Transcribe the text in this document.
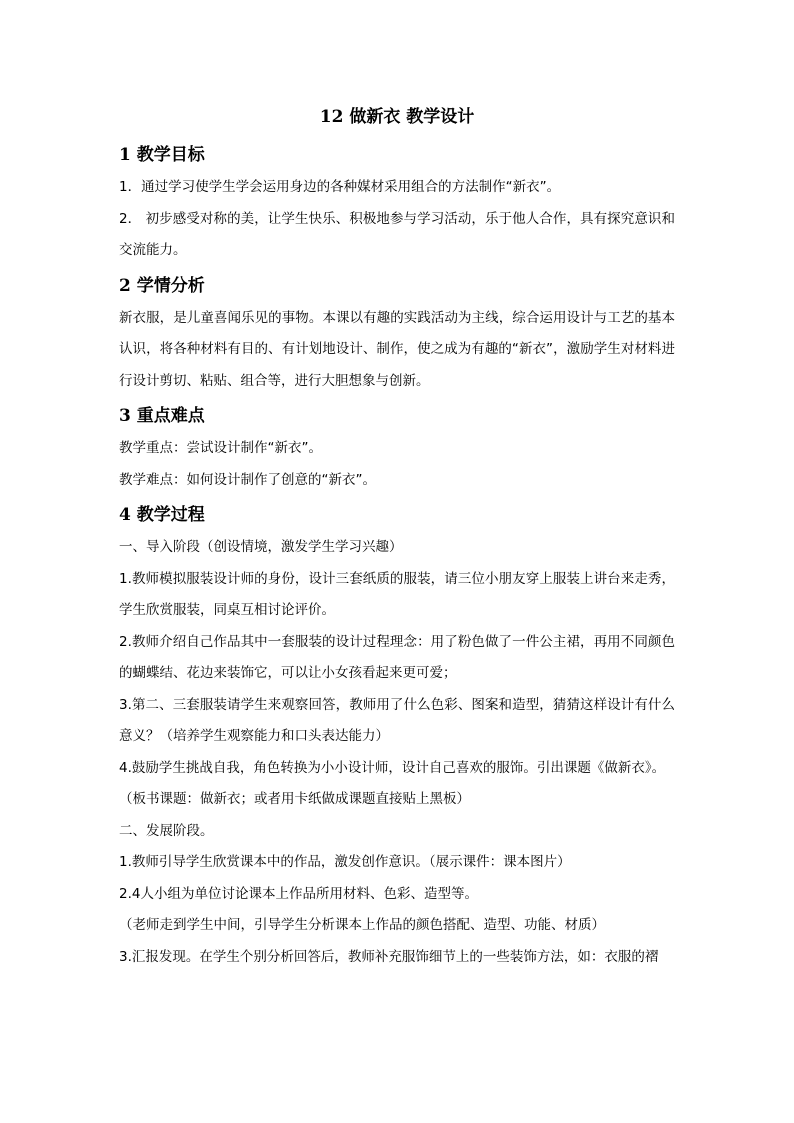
12 做新衣 教学设计
1 教学目标
1．通过学习使学生学会运用身边的各种媒材采用组合的方法制作“新衣”。
2． 初步感受对称的美，让学生快乐、积极地参与学习活动，乐于他人合作，具有探究意识和交流能力。
2 学情分析
新衣服，是儿童喜闻乐见的事物。本课以有趣的实践活动为主线，综合运用设计与工艺的基本认识，将各种材料有目的、有计划地设计、制作，使之成为有趣的“新衣”，激励学生对材料进行设计剪切、粘贴、组合等，进行大胆想象与创新。
3 重点难点
教学重点：尝试设计制作“新衣”。
教学难点：如何设计制作了创意的“新衣”。
4 教学过程
一、导入阶段（创设情境，激发学生学习兴趣）
1.教师模拟服装设计师的身份，设计三套纸质的服装，请三位小朋友穿上服装上讲台来走秀，学生欣赏服装，同桌互相讨论评价。
2.教师介绍自己作品其中一套服装的设计过程理念：用了粉色做了一件公主裙，再用不同颜色的蝴蝶结、花边来装饰它，可以让小女孩看起来更可爱；
3.第二、三套服装请学生来观察回答，教师用了什么色彩、图案和造型，猜猜这样设计有什么意义？（培养学生观察能力和口头表达能力）
4.鼓励学生挑战自我，角色转换为小小设计师，设计自己喜欢的服饰。引出课题《做新衣》。
（板书课题：做新衣；或者用卡纸做成课题直接贴上黑板）
二、发展阶段。
1.教师引导学生欣赏课本中的作品，激发创作意识。（展示课件：课本图片）
2.4人小组为单位讨论课本上作品所用材料、色彩、造型等。
（老师走到学生中间，引导学生分析课本上作品的颜色搭配、造型、功能、材质）
3.汇报发现。在学生个别分析回答后，教师补充服饰细节上的一些装饰方法，如：衣服的褶
